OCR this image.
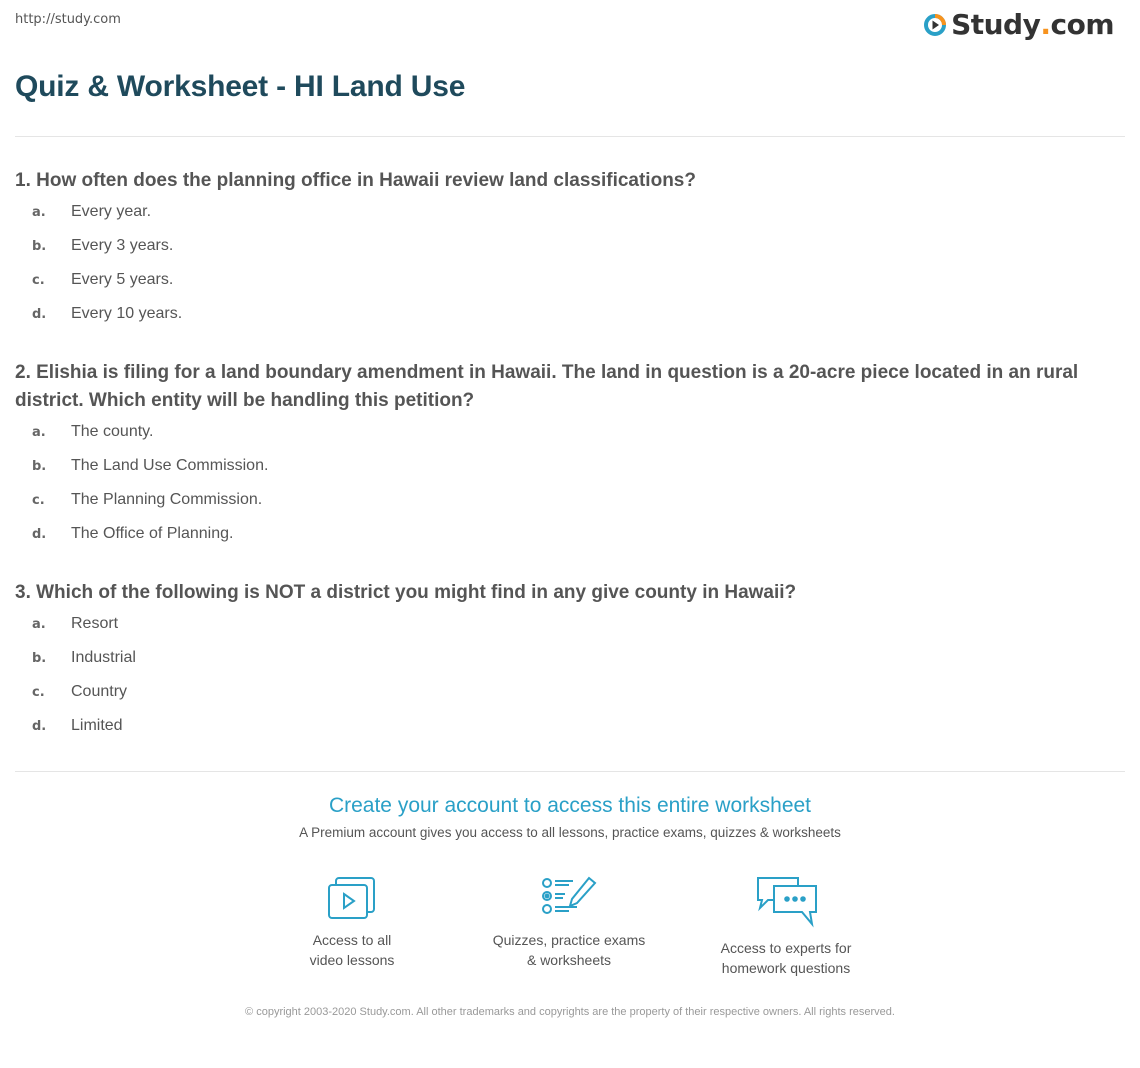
http://study.com	Study . com
Quiz & Worksheet - HI Land Use
1. How often does the planning office in Hawaii review land classifications?
a.	Every year.
b.	Every 3 years.
c.	Every 5 years.
d.	Every 10 years.
2. Elishia is filing for a land boundary amendment in Hawaii. The land in question is a 20-acre piece located in an rural district. Which entity will be handling this petition?
a.	The county.
b.	The Land Use Commission.
c.	The Planning Commission.
d.	The Office of Planning.
3. Which of the following is NOT a district you might find in any give county in Hawaii?
a.	Resort
b.	Industrial
c.	Country
d.	Limited
Create your account to access this entire worksheet
A Premium account gives you access to all lessons, practice exams, quizzes & worksheets
Access to all
video lessons
Quizzes, practice exams
& worksheets
Access to experts for
homework questions
© copyright 2003-2020 Study.com. All other trademarks and copyrights are the property of their respective owners. All rights reserved.
